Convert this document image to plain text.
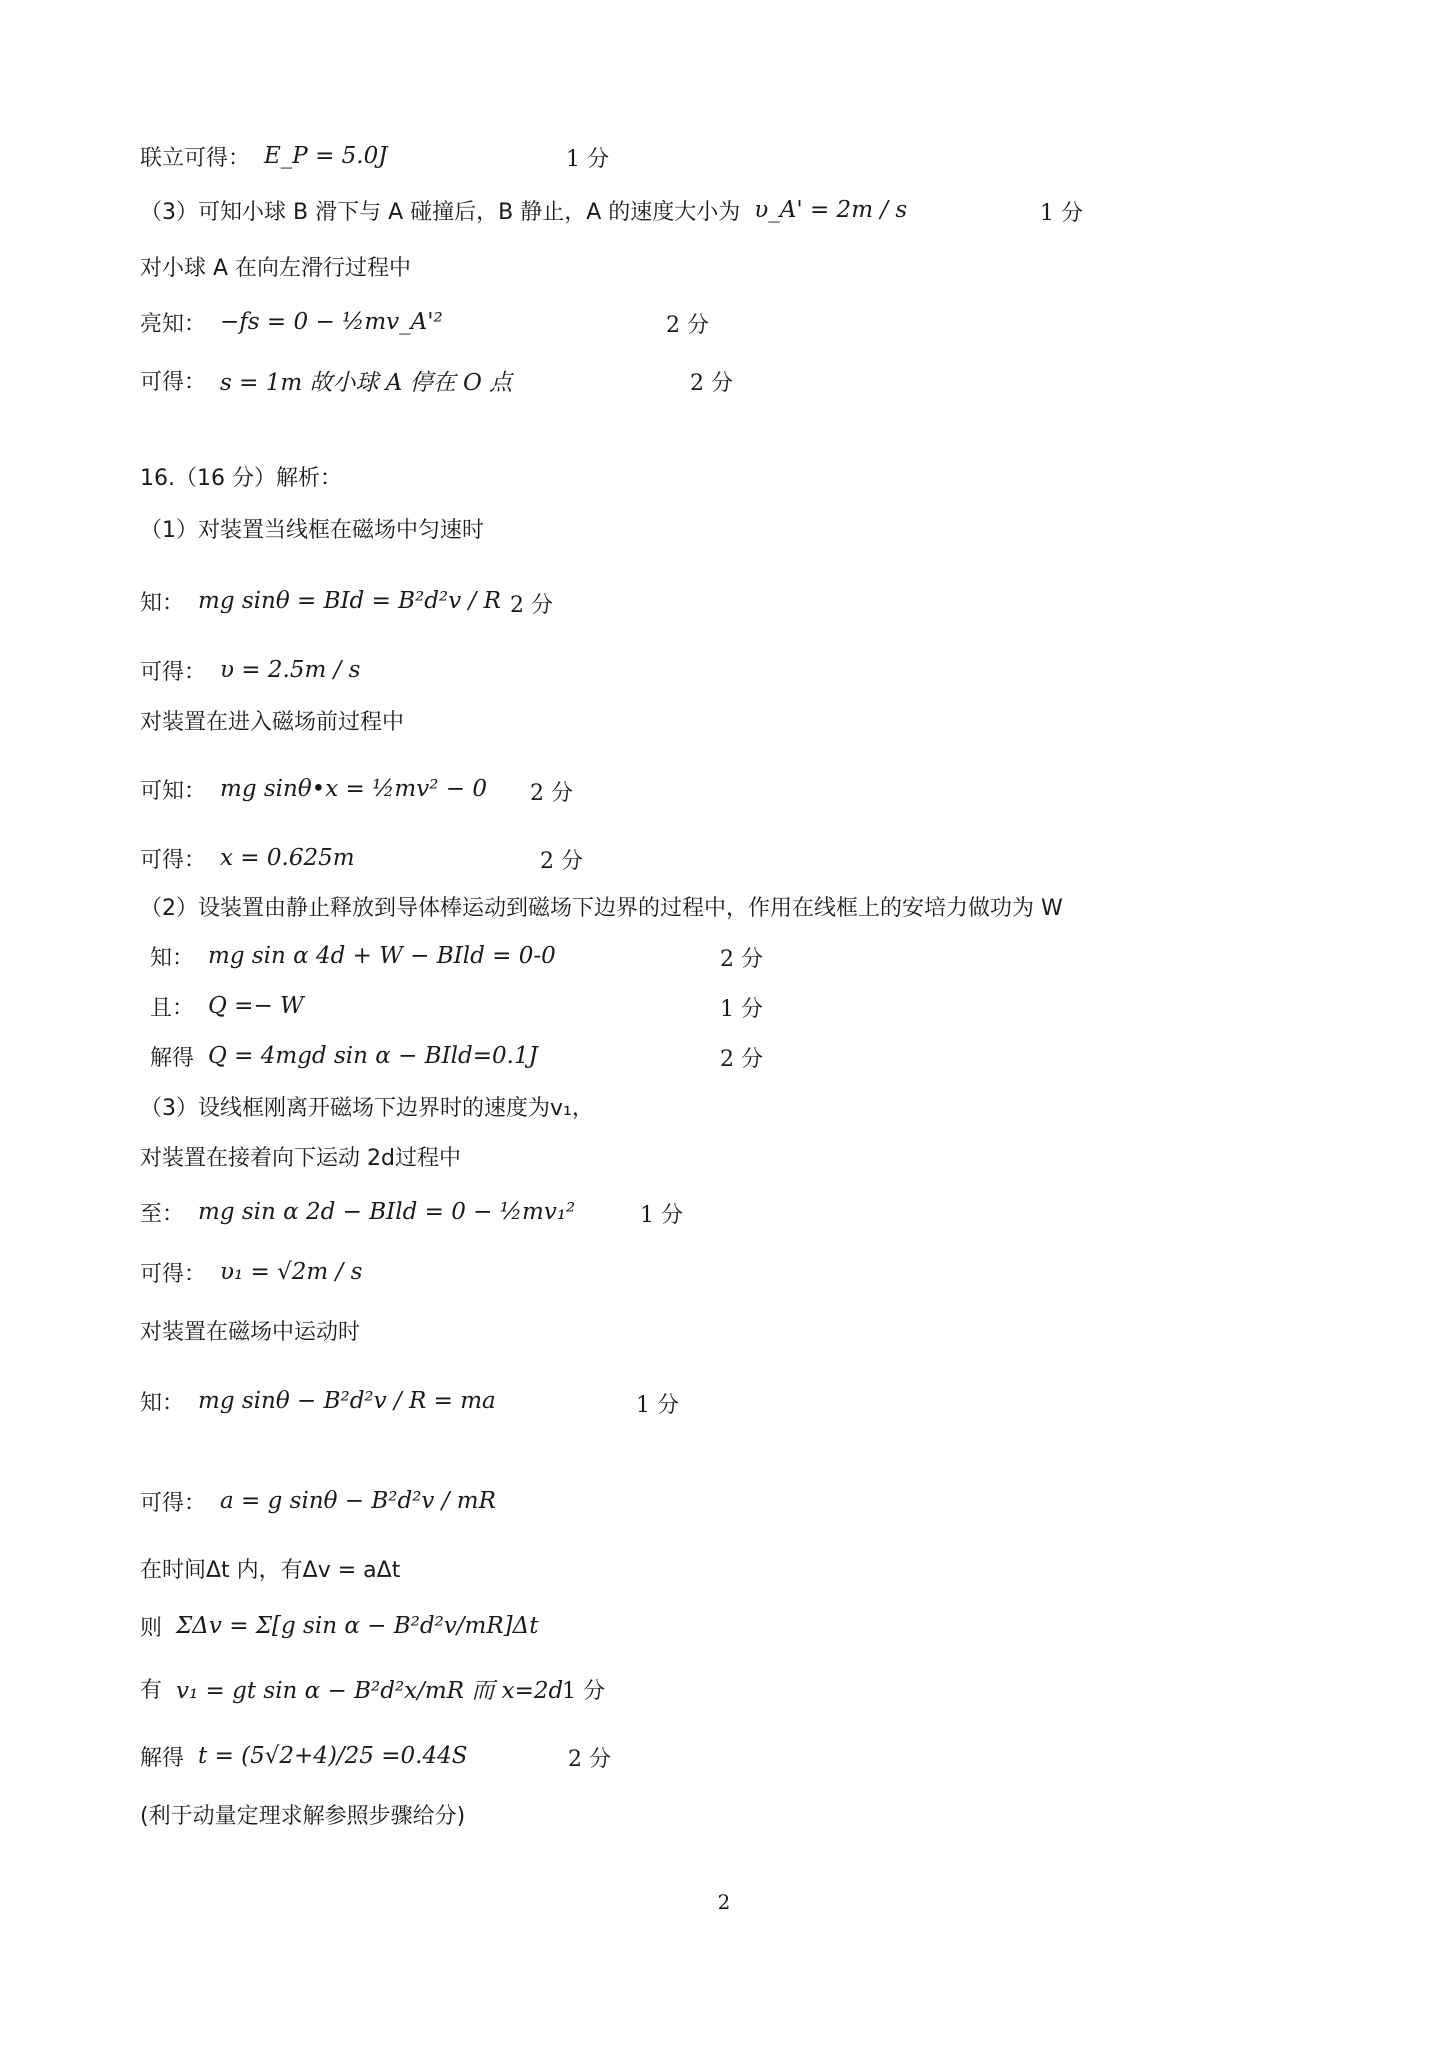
联立可得： E_P = 5.0J	1 分
（3）可知小球 B 滑下与 A 碰撞后，B 静止，A 的速度大小为 υ_A' = 2m / s	1 分
对小球 A 在向左滑行过程中
亮知： −fs = 0 − ½mv_A'²	2 分
可得： s = 1m 故小球 A 停在 O 点	2 分
16.（16 分）解析：
（1）对装置当线框在磁场中匀速时
知： mg sinθ = BId = B²d²v / R 2 分
可得： υ = 2.5m / s
对装置在进入磁场前过程中
可知： mg sinθ•x = ½mv² − 0 2 分
可得： x = 0.625m	2 分
（2）设装置由静止释放到导体棒运动到磁场下边界的过程中，作用在线框上的安培力做功为 W
知： mg sin α 4d + W − BIld = 0-0	2 分
且： Q =− W	1 分
解得 Q = 4mgd sin α − BIld=0.1J	2 分
（3）设线框刚离开磁场下边界时的速度为v₁，
对装置在接着向下运动 2d过程中
至： mg sin α 2d − BIld = 0 − ½mv₁²	1 分
可得： υ₁ = √2m / s
对装置在磁场中运动时
知： mg sinθ − B²d²v / R = ma	1 分
可得： a = g sinθ − B²d²v / mR
在时间Δt 内，有Δv = aΔt
则 ΣΔv = Σ[g sin α − B²d²v/mR]Δt
有 v₁ = gt sin α − B²d²x/mR 而 x=2d
1 分
解得 t = (5√2+4)/25 =0.44S	2 分
(利于动量定理求解参照步骤给分)
2
